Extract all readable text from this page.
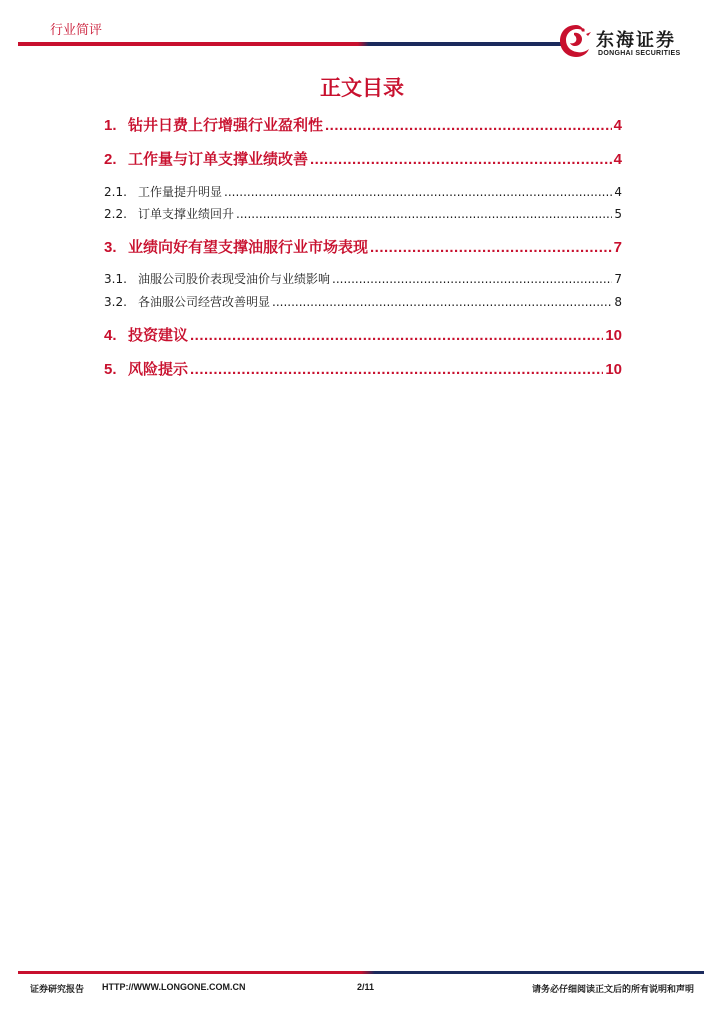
行业简评	东海证券
DONGHAI SECURITIES
正文目录
1. 钻井日费上行增强行业盈利性 .....	4
2. 工作量与订单支撑业绩改善 .....	4
2.1. 工作量提升明显 .....	4
2.2. 订单支撑业绩回升 .....	5
3. 业绩向好有望支撑油服行业市场表现 .....	7
3.1. 油服公司股价表现受油价与业绩影响 .....	7
3.2. 各油服公司经营改善明显 .....	8
4. 投资建议 .....	10
5. 风险提示 .....	10
证券研究报告 HTTP://WWW.LONGONE.COM.CN	2/11	请务必仔细阅读正文后的所有说明和声明
